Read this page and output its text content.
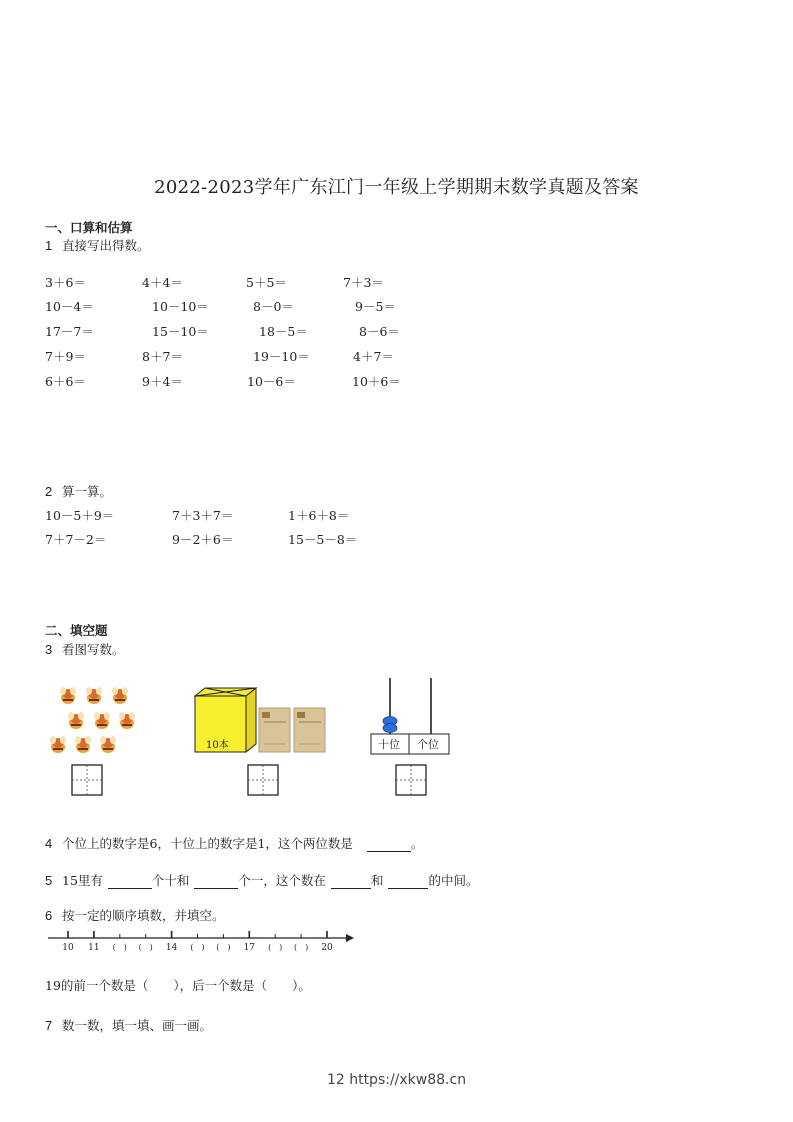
2022-2023学年广东江门一年级上学期期末数学真题及答案
一、口算和估算
1 直接写出得数。
3＋6＝	4＋4＝	5＋5＝	7＋3＝
10－4＝	10－10＝	8－0＝	9－5＝
17－7＝	15－10＝	18－5＝	8－6＝
7＋9＝	8＋7＝	19－10＝	4＋7＝
6＋6＝	9＋4＝	10－6＝	10＋6＝
2 算一算。
10－5＋9＝	7＋3＋7＝	1＋6＋8＝
7＋7－2＝	9－2＋6＝	15－5－8＝
二、填空题
3 看图写数。
10本	十位 个位
4 个位上的数字是6，十位上的数字是1，这个两位数是	。
5 15里有	个十和	个一，这个数在	和	的中间。
6 按一定的顺序填数，并填空。
10 11 (　) (　) 14 (　) (　) 17 (　) (　) 20
19的前一个数是（　　），后一个数是（　　）。
7 数一数，填一填、画一画。
12 https://xkw88.cn
